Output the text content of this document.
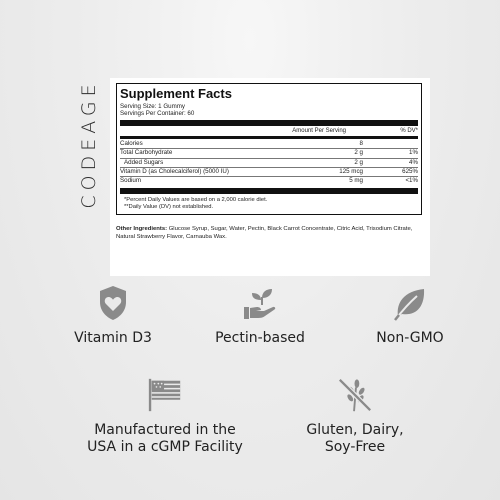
CODEAGE Supplement Facts
Serving Size: 1 Gummy
Servings Per Container: 60
Amount Per Serving	% DV*
Calories	8
Total Carbohydrate	2 g	1%
Added Sugars	2 g	4%
Vitamin D (as Cholecalciferol) (5000 IU)	125 mcg	625%
Sodium	5 mg	<1%
*Percent Daily Values are based on a 2,000 calorie diet.
**Daily Value (DV) not established.
Other Ingredients: Glucose Syrup, Sugar, Water, Pectin, Black Carrot Concentrate, Citric Acid, Trisodium Citrate, Natural Strawberry Flavor, Carnauba Wax.
Vitamin D3	Pectin-based	Non-GMO
Manufactured in the
USA in a cGMP Facility
Gluten, Dairy,
Soy-Free
